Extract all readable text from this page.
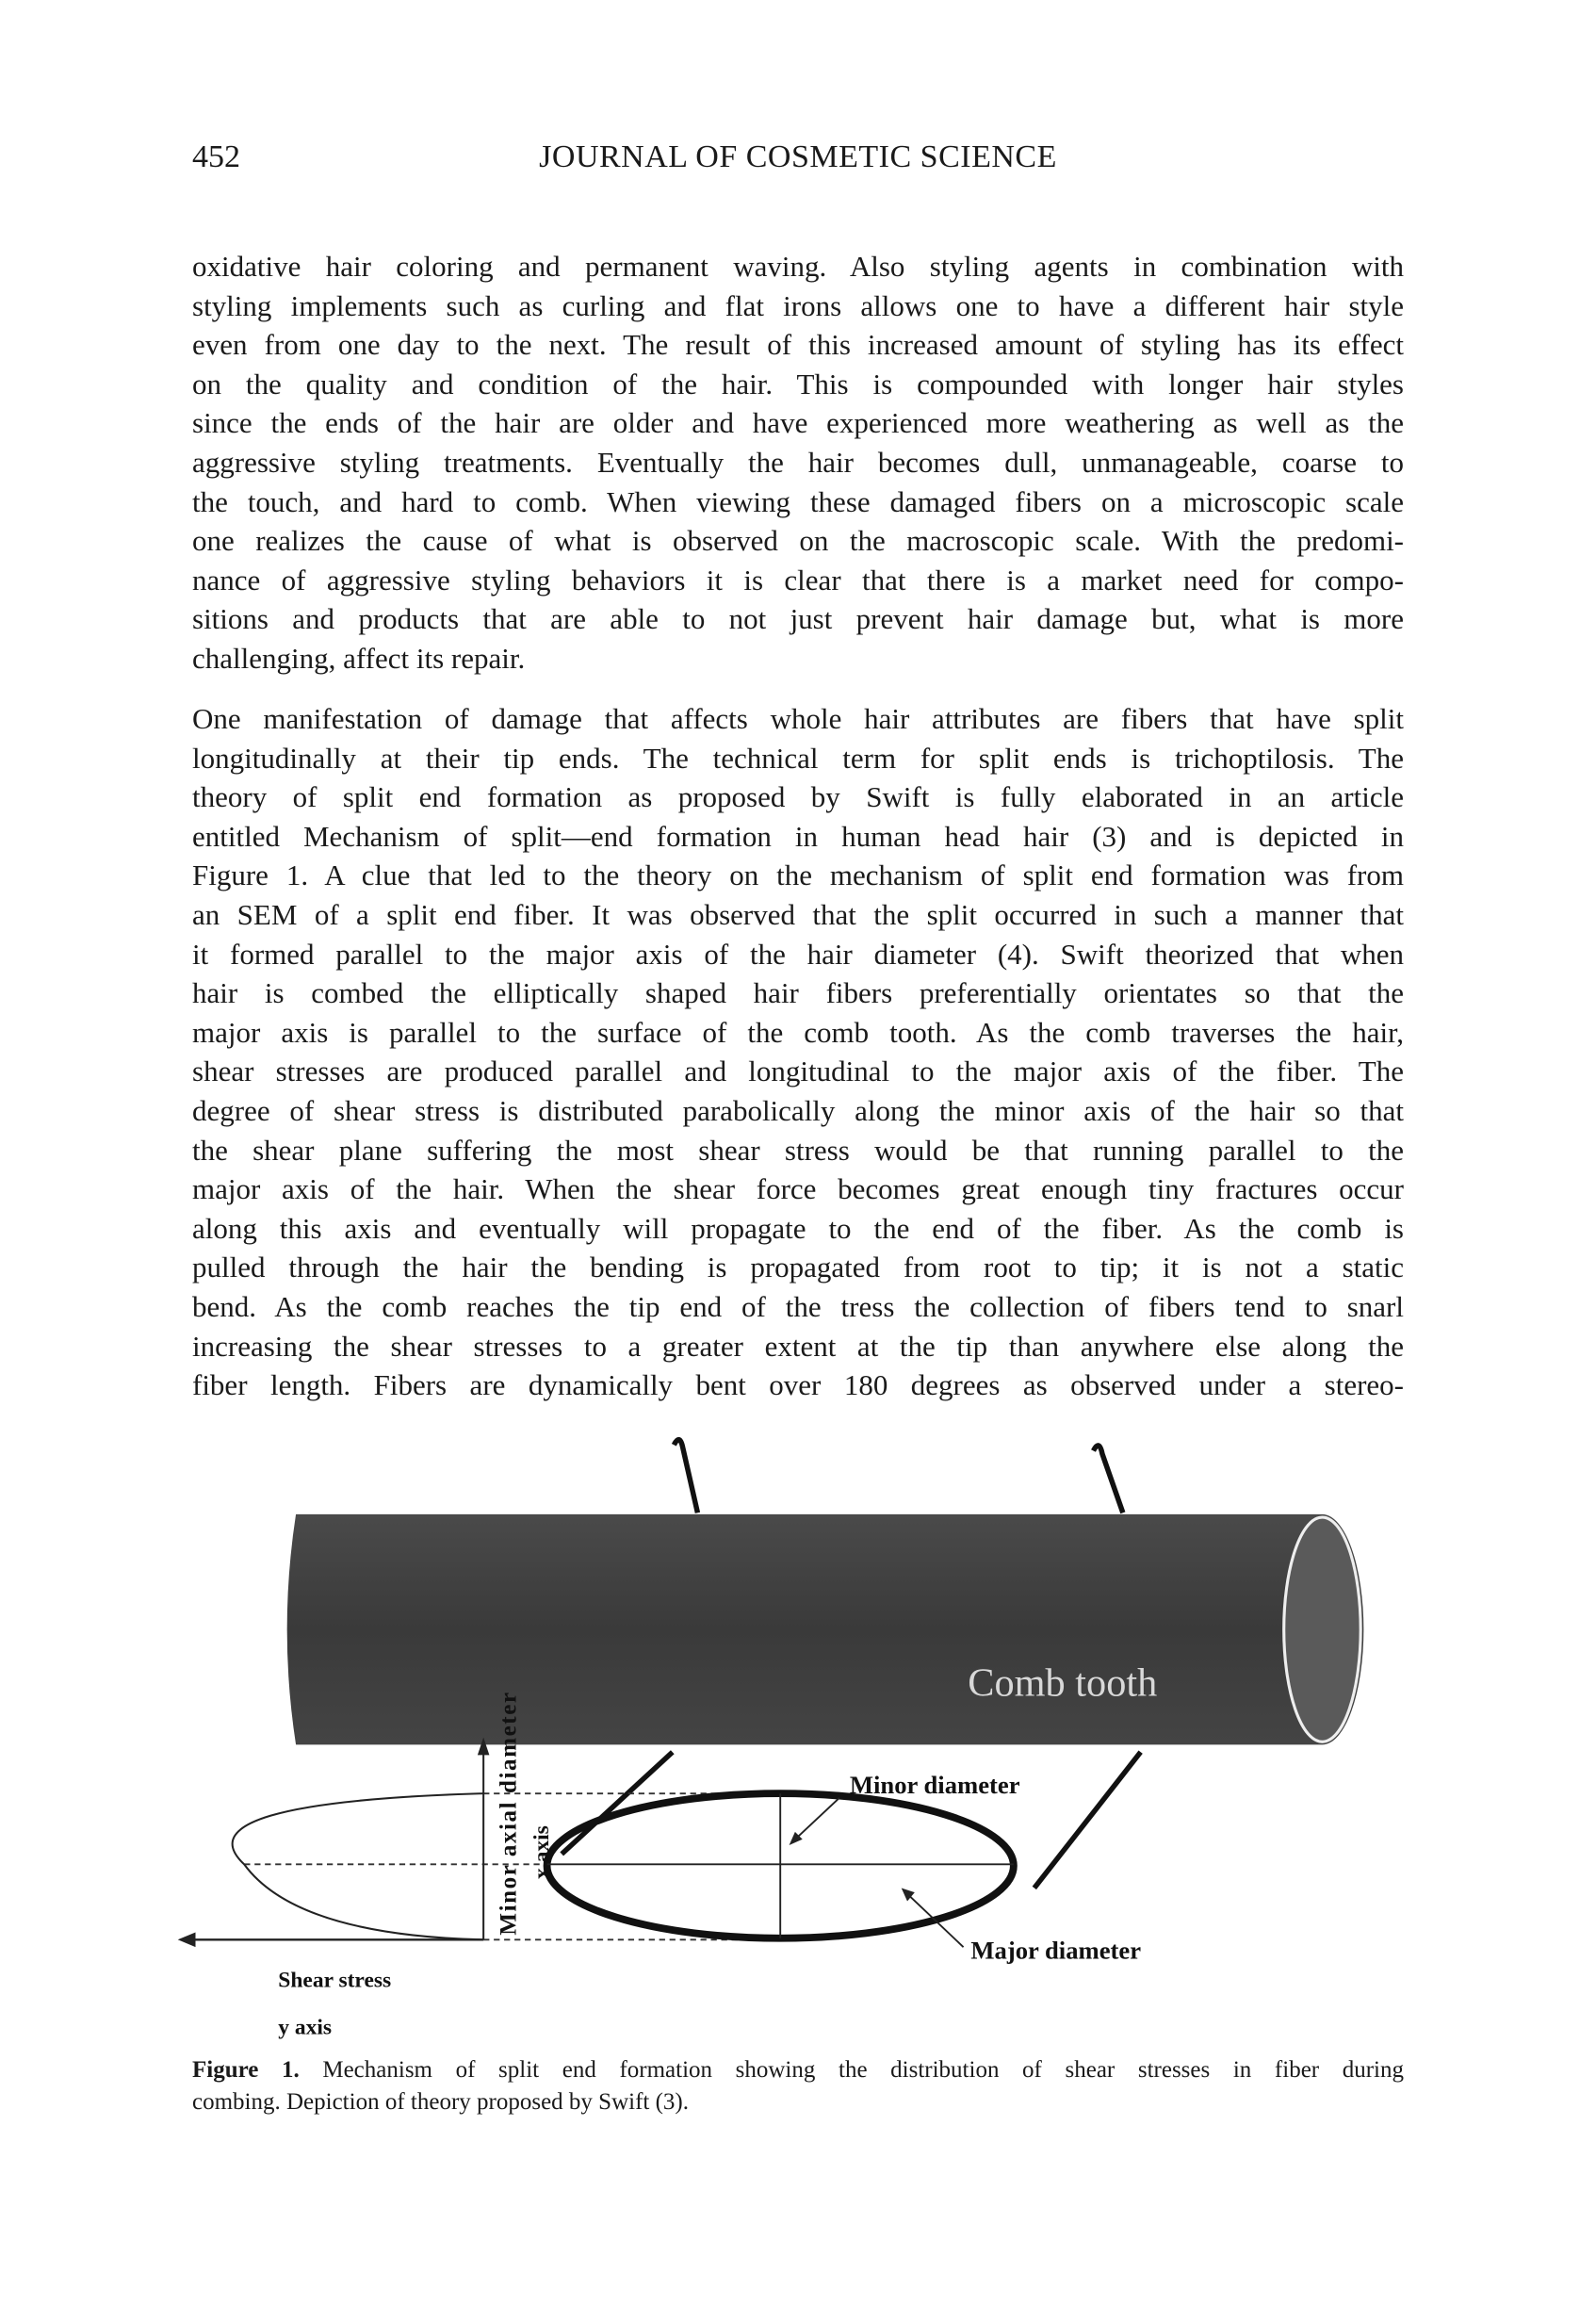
452	JOURNAL OF COSMETIC SCIENCE
oxidative hair coloring and permanent waving. Also styling agents in combination with
styling implements such as curling and flat irons allows one to have a different hair style
even from one day to the next. The result of this increased amount of styling has its effect
on the quality and condition of the hair. This is compounded with longer hair styles
since the ends of the hair are older and have experienced more weathering as well as the
aggressive styling treatments. Eventually the hair becomes dull, unmanageable, coarse to
the touch, and hard to comb. When viewing these damaged fibers on a microscopic scale
one realizes the cause of what is observed on the macroscopic scale. With the predomi-
nance of aggressive styling behaviors it is clear that there is a market need for compo-
sitions and products that are able to not just prevent hair damage but, what is more
challenging, affect its repair.
One manifestation of damage that affects whole hair attributes are fibers that have split
longitudinally at their tip ends. The technical term for split ends is trichoptilosis. The
theory of split end formation as proposed by Swift is fully elaborated in an article
entitled Mechanism of split—end formation in human head hair (3) and is depicted in
Figure 1. A clue that led to the theory on the mechanism of split end formation was from
an SEM of a split end fiber. It was observed that the split occurred in such a manner that
it formed parallel to the major axis of the hair diameter (4). Swift theorized that when
hair is combed the elliptically shaped hair fibers preferentially orientates so that the
major axis is parallel to the surface of the comb tooth. As the comb traverses the hair,
shear stresses are produced parallel and longitudinal to the major axis of the fiber. The
degree of shear stress is distributed parabolically along the minor axis of the hair so that
the shear plane suffering the most shear stress would be that running parallel to the
major axis of the hair. When the shear force becomes great enough tiny fractures occur
along this axis and eventually will propagate to the end of the fiber. As the comb is
pulled through the hair the bending is propagated from root to tip; it is not a static
bend. As the comb reaches the tip end of the tress the collection of fibers tend to snarl
increasing the shear stresses to a greater extent at the tip than anywhere else along the
fiber length. Fibers are dynamically bent over 180 degrees as observed under a stereo-
Comb tooth
Minor diameter
Major diameter
Minor axial diameter x axis
Shear stress
y axis
Figure 1. Mechanism of split end formation showing the distribution of shear stresses in fiber during
combing. Depiction of theory proposed by Swift (3).
